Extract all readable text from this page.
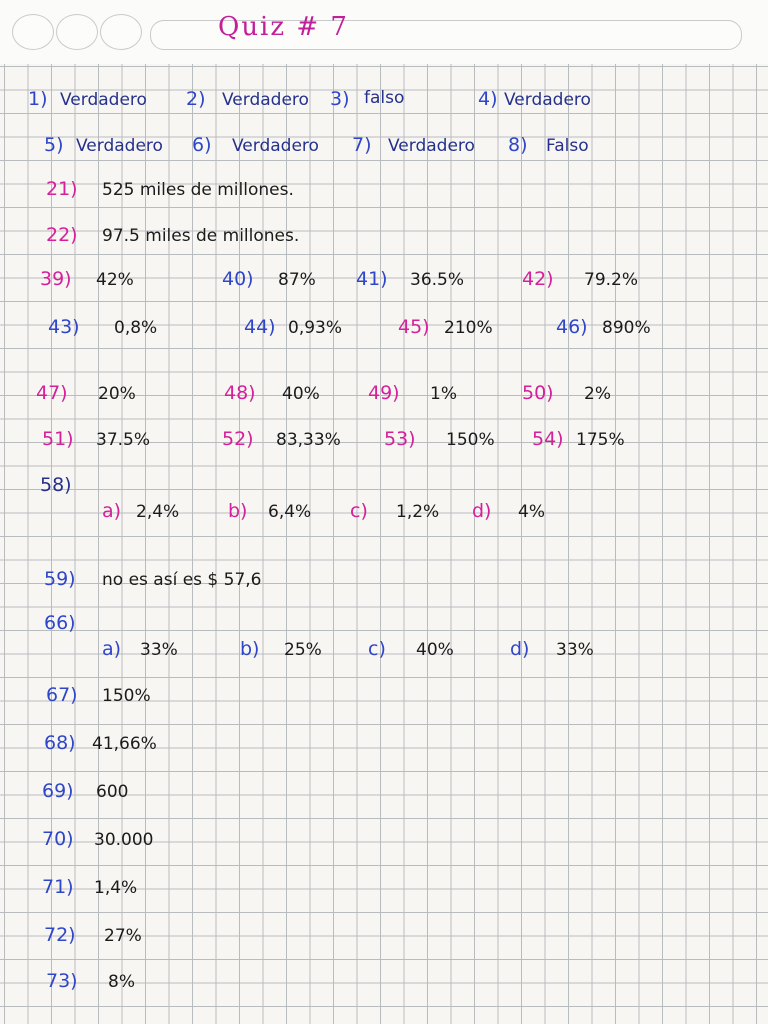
Quiz # 7
1) Verdadero 2) Verdadero 3) falso	4) Verdadero
5) Verdadero 6) Verdadero 7) Verdadero 8) Falso
21) 525 miles de millones.
22) 97.5 miles de millones.
39) 42%	40) 87% 41) 36.5%	42) 79.2%
43) 0,8%	44) 0,93%	45) 210%	46) 890%
47) 20%	48) 40%	49) 1%	50) 2%
51) 37.5%	52) 83,33% 53) 150% 54) 175%
58)
a) 2,4%	b) 6,4% c) 1,2% d) 4%
59) no es así es $ 57,6
66)
a) 33%	b) 25% c) 40%	d) 33%
67) 150%
68) 41,66%
69) 600
70) 30.000
71) 1,4%
72) 27%
73) 8%
